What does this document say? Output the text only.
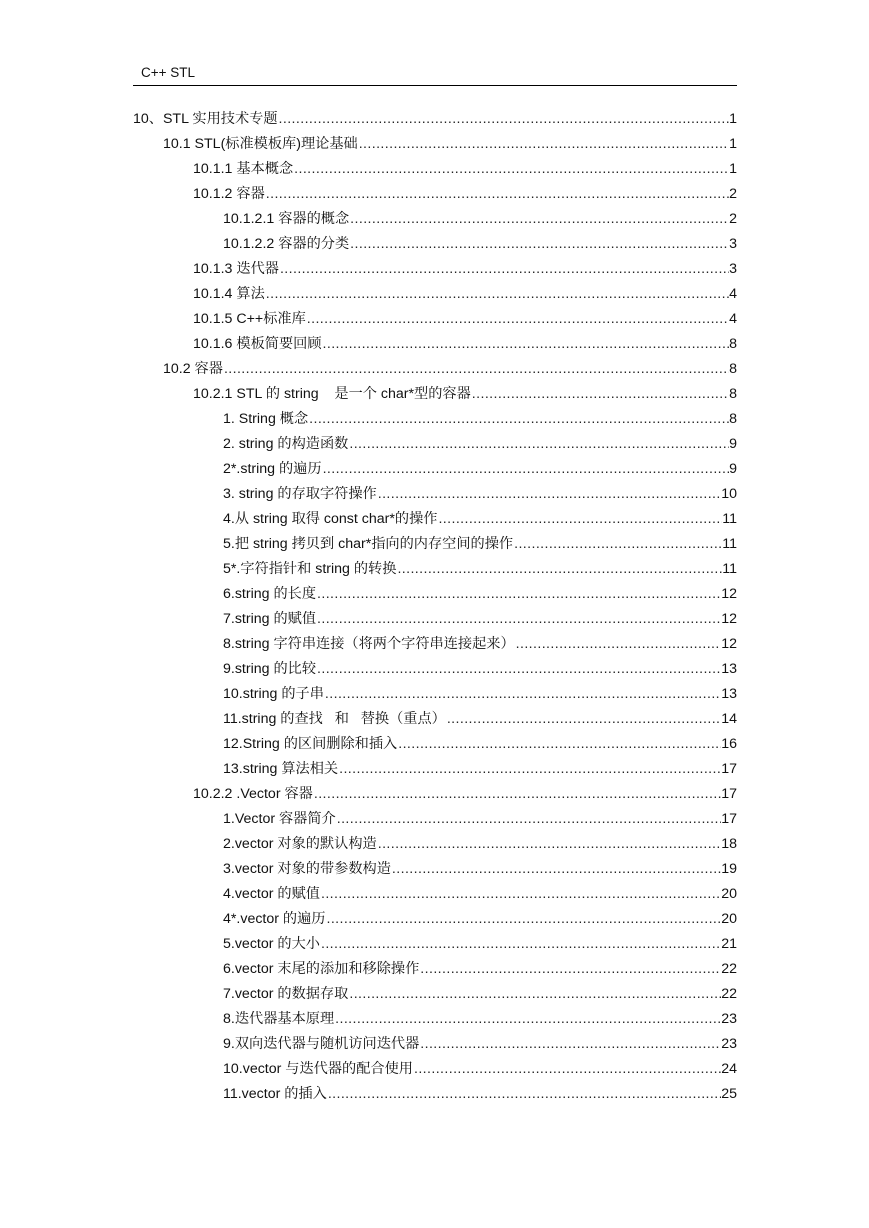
C++ STL
10、STL 实用技术专题 .....	1
10.1 STL(标准模板库)理论基础 .....	1
10.1.1 基本概念 .....	1
10.1.2 容器 .....	2
10.1.2.1 容器的概念 .....	2
10.1.2.2 容器的分类 .....	3
10.1.3 迭代器 .....	3
10.1.4 算法 .....	4
10.1.5 C++标准库 .....	4
10.1.6 模板简要回顾 .....	8
10.2 容器 .....	8
10.2.1 STL 的 string    是一个 char*型的容器 .....	8
1. String 概念 .....	8
2. string 的构造函数 .....	9
2*.string 的遍历 .....	9
3. string 的存取字符操作 .....	10
4.从 string 取得 const char*的操作 .....	11
5.把 string 拷贝到 char*指向的内存空间的操作 .....	11
5*.字符指针和 string 的转换 .....	11
6.string 的长度 .....	12
7.string 的赋值 .....	12
8.string 字符串连接（将两个字符串连接起来） .....	12
9.string 的比较 .....	13
10.string 的子串 .....	13
11.string 的查找   和   替换（重点） .....	14
12.String 的区间删除和插入 .....	16
13.string 算法相关 .....	17
10.2.2 .Vector 容器 .....	17
1.Vector 容器简介 .....	17
2.vector 对象的默认构造 .....	18
3.vector 对象的带参数构造 .....	19
4.vector 的赋值 .....	20
4*.vector 的遍历 .....	20
5.vector 的大小 .....	21
6.vector 末尾的添加和移除操作 .....	22
7.vector 的数据存取 .....	22
8.迭代器基本原理 .....	23
9.双向迭代器与随机访问迭代器 .....	23
10.vector 与迭代器的配合使用 .....	24
11.vector 的插入 .....	25
